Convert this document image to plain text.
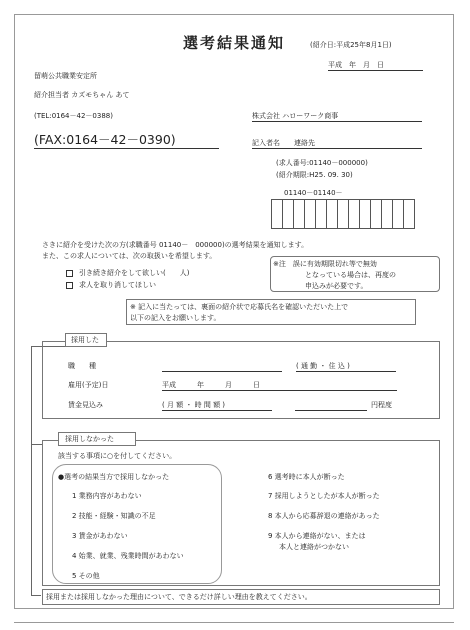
選考結果通知	(紹介日:平成25年8月1日)
平成　年　月　日
留萌公共職業安定所
紹介担当者 カズモちゃん あて
(TEL:0164－42－0388)
(FAX:0164－42－0390)
株式会社 ハローワーク商事
記入者名　　連絡先
(求人番号:01140－000000)
(紹介期限:H25. 09. 30)
01140－01140－
さきに紹介を受けた次の方(求職番号 01140－　000000)の選考結果を通知します。
また、この求人については、次の取扱いを希望します。
引き続き紹介をして欲しい(　　人)
求人を取り消してほしい
※注　誤に有効期限切れ等で無効
となっている場合は、再度の
申込みが必要です。
※ 記入に当たっては、裏面の紹介状で応募氏名を確認いただいた上で
以下の記入をお願いします。
採用した
職　　種	( 通 勤 ・ 住 込 )
雇用(予定)日	平成　　　年　　　月　　　日
賃金見込み	( 月 額 ・ 時 間 額 )	円程度
採用しなかった
該当する事項に○を付してください。
●選考の結果当方で採用しなかった
1 業務内容があわない
2 技能・経験・知識の不足
3 賃金があわない
4 始業、就業、残業時間があわない
5 その他
6 選考時に本人が断った
7 採用しようとしたが本人が断った
8 本人から応募辞退の連絡があった
9 本人から連絡がない、または
本人と連絡がつかない
採用または採用しなかった理由について、できるだけ詳しい理由を教えてください。
